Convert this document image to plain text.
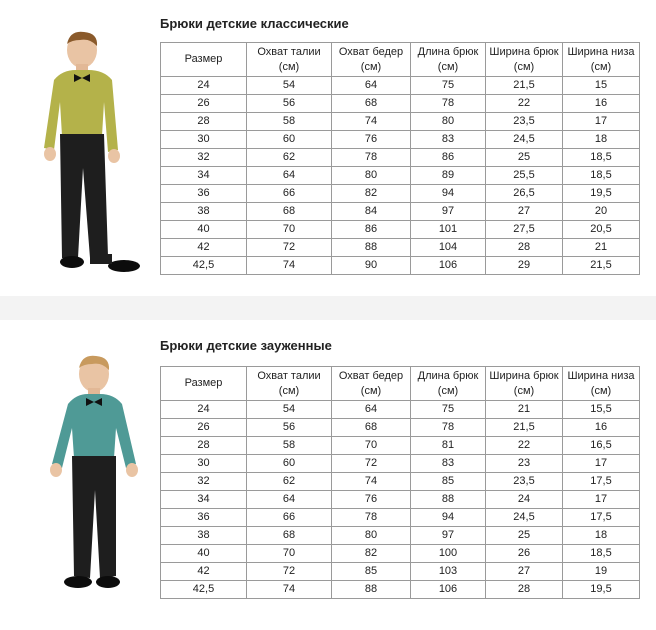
Брюки детские классические
Размер	Охват талии (см)	Охват бедер (см)	Длина брюк (см)	Ширина брюк (см)	Ширина низа (см)
24	54	64	75	21,5	15
26	56	68	78	22	16
28	58	74	80	23,5	17
30	60	76	83	24,5	18
32	62	78	86	25	18,5
34	64	80	89	25,5	18,5
36	66	82	94	26,5	19,5
38	68	84	97	27	20
40	70	86	101	27,5	20,5
42	72	88	104	28	21
42,5	74	90	106	29	21,5
Брюки детские зауженные
Размер	Охват талии (см)	Охват бедер (см)	Длина брюк (см)	Ширина брюк (см)	Ширина низа (см)
24	54	64	75	21	15,5
26	56	68	78	21,5	16
28	58	70	81	22	16,5
30	60	72	83	23	17
32	62	74	85	23,5	17,5
34	64	76	88	24	17
36	66	78	94	24,5	17,5
38	68	80	97	25	18
40	70	82	100	26	18,5
42	72	85	103	27	19
42,5	74	88	106	28	19,5
